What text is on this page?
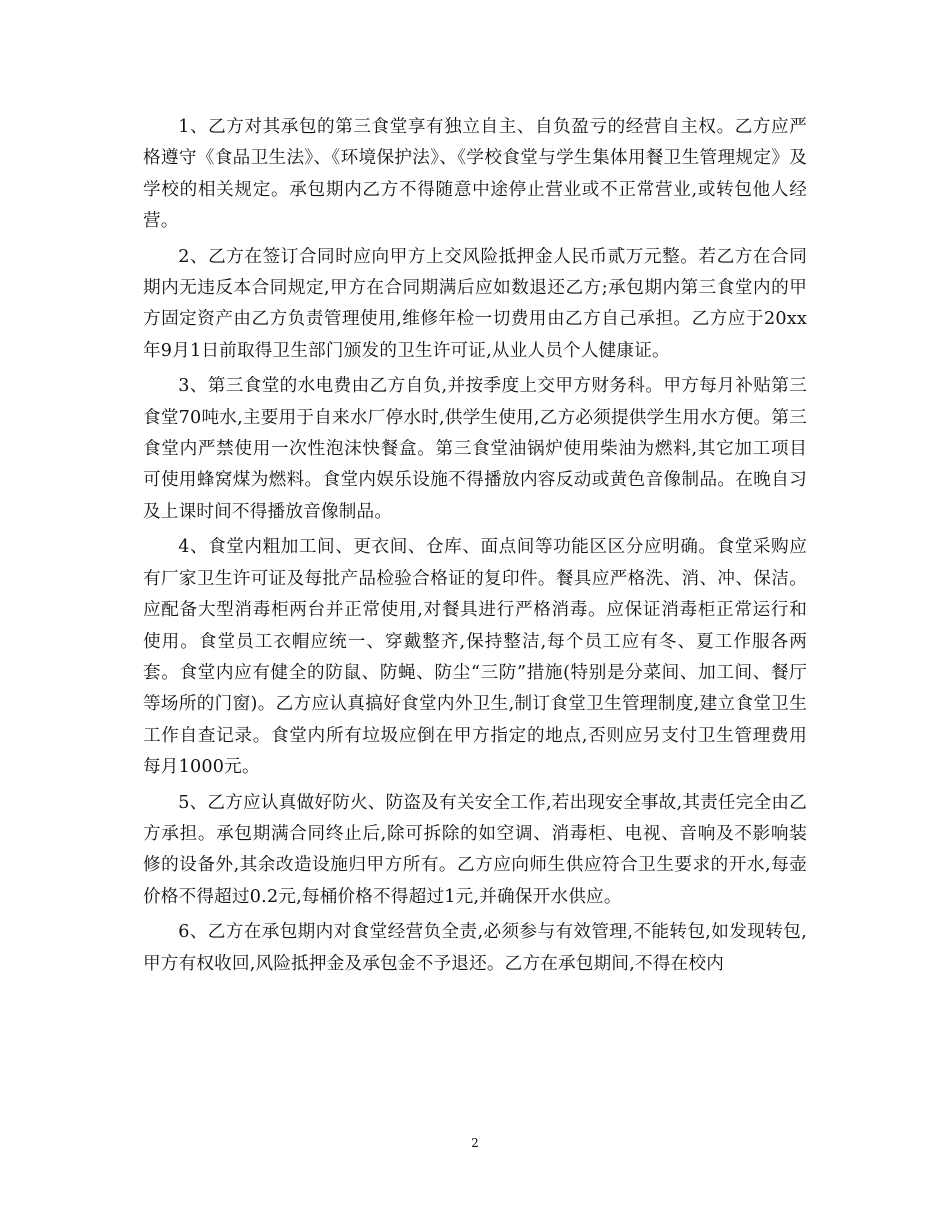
1、乙方对其承包的第三食堂享有独立自主、自负盈亏的经营自主权。乙方应严格遵守《食品卫生法》、《环境保护法》、《学校食堂与学生集体用餐卫生管理规定》及学校的相关规定。承包期内乙方不得随意中途停止营业或不正常营业,或转包他人经营。

2、乙方在签订合同时应向甲方上交风险抵押金人民币贰万元整。若乙方在合同期内无违反本合同规定,甲方在合同期满后应如数退还乙方;承包期内第三食堂内的甲方固定资产由乙方负责管理使用,维修年检一切费用由乙方自己承担。乙方应于20xx年9月1日前取得卫生部门颁发的卫生许可证,从业人员个人健康证。

3、第三食堂的水电费由乙方自负,并按季度上交甲方财务科。甲方每月补贴第三食堂70吨水,主要用于自来水厂停水时,供学生使用,乙方必须提供学生用水方便。第三食堂内严禁使用一次性泡沫快餐盒。第三食堂油锅炉使用柴油为燃料,其它加工项目可使用蜂窝煤为燃料。食堂内娱乐设施不得播放内容反动或黄色音像制品。在晚自习及上课时间不得播放音像制品。

4、食堂内粗加工间、更衣间、仓库、面点间等功能区区分应明确。食堂采购应有厂家卫生许可证及每批产品检验合格证的复印件。餐具应严格洗、消、冲、保洁。应配备大型消毒柜两台并正常使用,对餐具进行严格消毒。应保证消毒柜正常运行和使用。食堂员工衣帽应统一、穿戴整齐,保持整洁,每个员工应有冬、夏工作服各两套。食堂内应有健全的防鼠、防蝇、防尘“三防”措施(特别是分菜间、加工间、餐厅等场所的门窗)。乙方应认真搞好食堂内外卫生,制订食堂卫生管理制度,建立食堂卫生工作自查记录。食堂内所有垃圾应倒在甲方指定的地点,否则应另支付卫生管理费用每月1000元。

5、乙方应认真做好防火、防盗及有关安全工作,若出现安全事故,其责任完全由乙方承担。承包期满合同终止后,除可拆除的如空调、消毒柜、电视、音响及不影响装修的设备外,其余改造设施归甲方所有。乙方应向师生供应符合卫生要求的开水,每壶价格不得超过0.2元,每桶价格不得超过1元,并确保开水供应。

6、乙方在承包期内对食堂经营负全责,必须参与有效管理,不能转包,如发现转包,甲方有权收回,风险抵押金及承包金不予退还。乙方在承包期间,不得在校内

2
